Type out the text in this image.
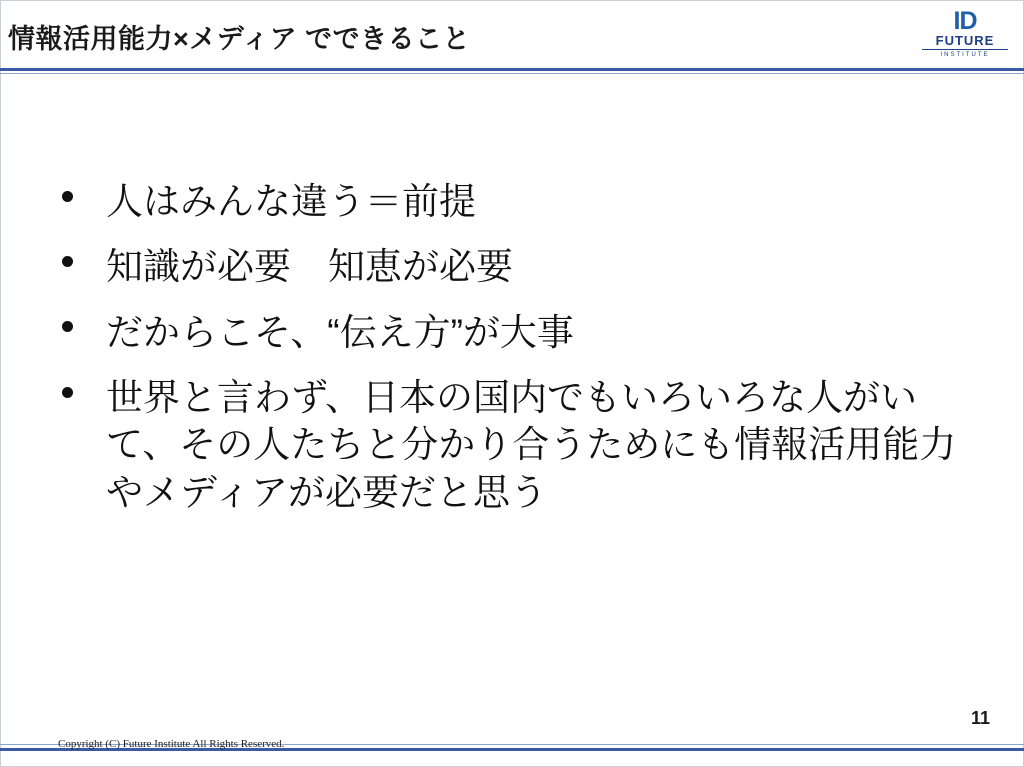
情報活用能力×メディア でできること
ID
FUTURE
INSTITUTE
人はみんな違う＝前提
知識が必要　知恵が必要
だからこそ、“伝え方”が大事
世界と言わず、日本の国内でもいろいろな人がいて、その人たちと分かり合うためにも情報活用能力やメディアが必要だと思う
11
Copyright (C) Future Institute All Rights Reserved.
